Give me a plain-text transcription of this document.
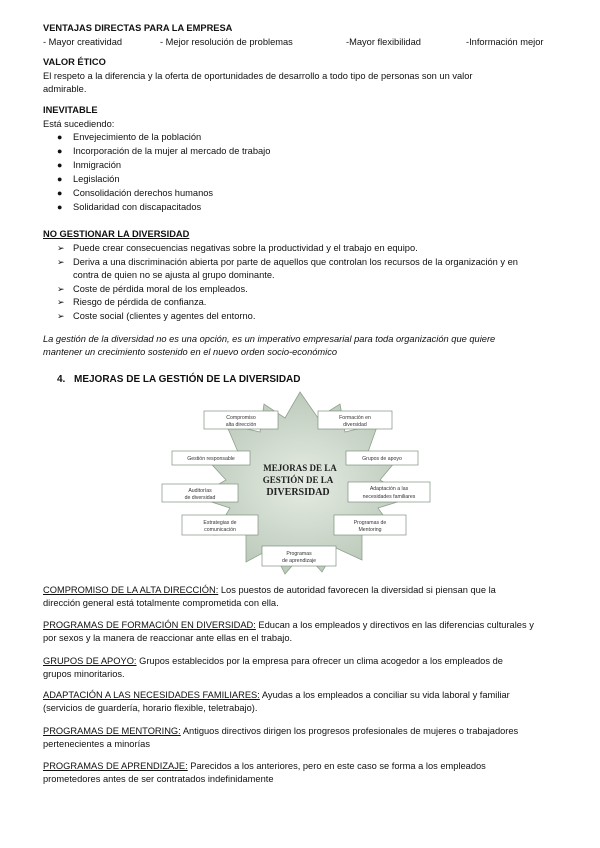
VENTAJAS DIRECTAS PARA LA EMPRESA
- Mayor creatividad	- Mejor resolución de problemas	-Mayor flexibilidad	-Información mejor
VALOR ÉTICO
El respeto a la diferencia y la oferta de oportunidades de desarrollo a todo tipo de personas son un valor
admirable.
INEVITABLE
Está sucediendo:
● Envejecimiento de la población
● Incorporación de la mujer al mercado de trabajo
● Inmigración
● Legislación
● Consolidación derechos humanos
● Solidaridad con discapacitados
NO GESTIONAR LA DIVERSIDAD
➢ Puede crear consecuencias negativas sobre la productividad y el trabajo en equipo.
➢ Deriva a una discriminación abierta por parte de aquellos que controlan los recursos de la organización y en
contra de quien no se ajusta al grupo dominante.
➢ Coste de pérdida moral de los empleados.
➢ Riesgo de pérdida de confianza.
➢ Coste social (clientes y agentes del entorno.
La gestión de la diversidad no es una opción, es un imperativo empresarial para toda organización que quiere
mantener un crecimiento sostenido en el nuevo orden socio-económico
4. MEJORAS DE LA GESTIÓN DE LA DIVERSIDAD
MEJORAS DE LA
GESTIÓN DE LA
DIVERSIDAD
Compromiso
alta dirección
Formación en
diversidad
Gestión responsable	Grupos de apoyo
Auditorías
de diversidad
Adaptación a las
necesidades familiares
Estrategias de
comunicación
Programas de
Mentoring
Programas
de aprendizaje
COMPROMISO DE LA ALTA DIRECCIÓN: Los puestos de autoridad favorecen la diversidad si piensan que la
dirección general está totalmente comprometida con ella.
PROGRAMAS DE FORMACIÓN EN DIVERSIDAD: Educan a los empleados y directivos en las diferencias culturales y
por sexos y la manera de reaccionar ante ellas en el trabajo.
GRUPOS DE APOYO: Grupos establecidos por la empresa para ofrecer un clima acogedor a los empleados de
grupos minoritarios.
ADAPTACIÓN A LAS NECESIDADES FAMILIARES: Ayudas a los empleados a conciliar su vida laboral y familiar
(servicios de guardería, horario flexible, teletrabajo).
PROGRAMAS DE MENTORING: Antiguos directivos dirigen los progresos profesionales de mujeres o trabajadores
pertenecientes a minorías
PROGRAMAS DE APRENDIZAJE: Parecidos a los anteriores, pero en este caso se forma a los empleados
prometedores antes de ser contratados indefinidamente
